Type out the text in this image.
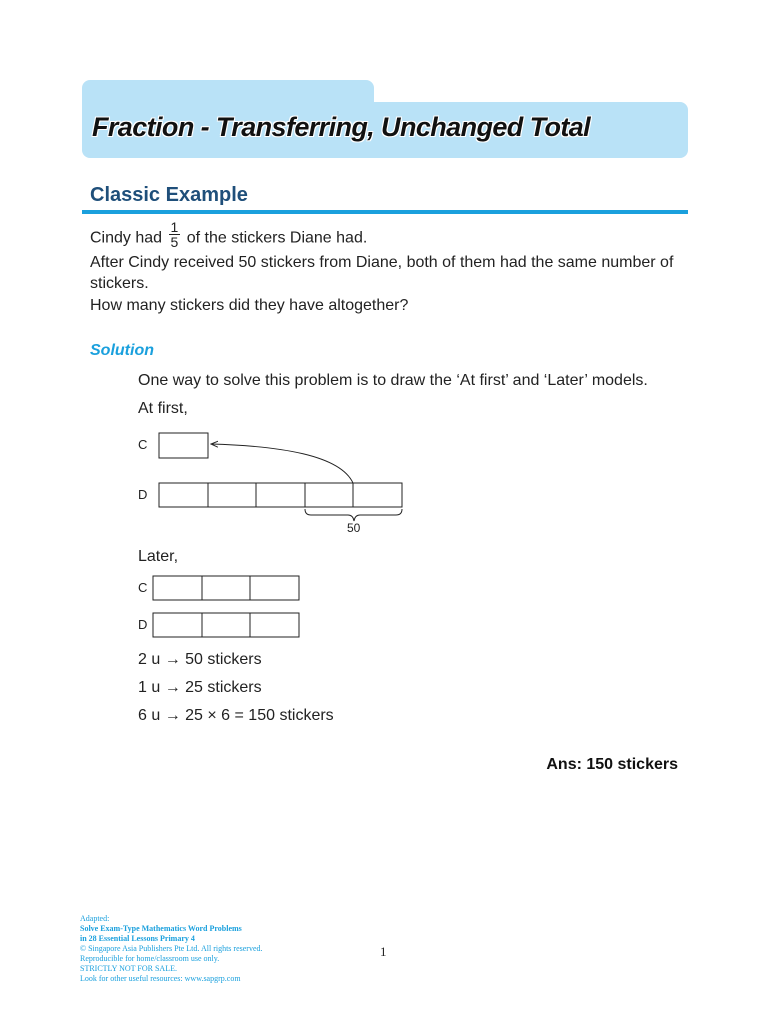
Fraction - Transferring, Unchanged Total
Classic Example
Cindy had $\frac{1}{5}$ of the stickers Diane had.
After Cindy received 50 stickers from Diane, both of them had the same number of
stickers.
How many stickers did they have altogether?
Solution
One way to solve this problem is to draw the ‘At first’ and ‘Later’ models.
At first,
C
D
50
Later,
C
D
2 u → 50 stickers
1 u → 25 stickers
6 u → 25 × 6 = 150 stickers
Ans: 150 stickers
Adapted:
Solve Exam-Type Mathematics Word Problems
in 28 Essential Lessons Primary 4
© Singapore Asia Publishers Pte Ltd. All rights reserved.
Reproducible for home/classroom use only.
STRICTLY NOT FOR SALE.
Look for other useful resources: www.sapgrp.com
1
